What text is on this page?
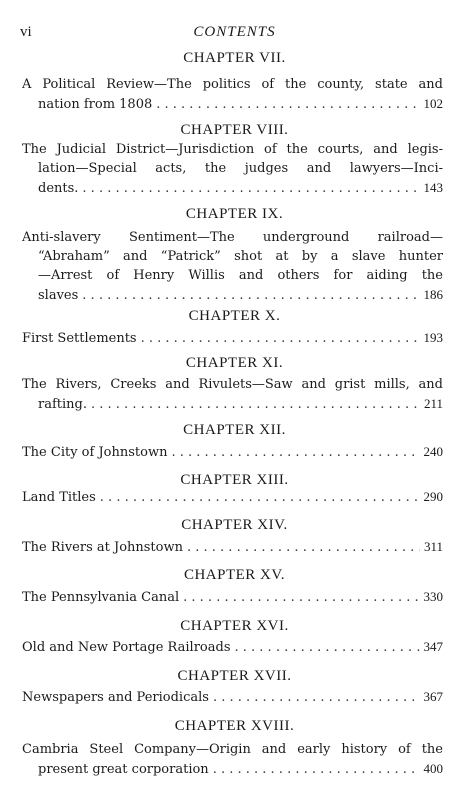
vi	CONTENTS
CHAPTER VII.
A Political Review—The politics of the county, state and
nation from 1808 . . .	102
CHAPTER VIII.
The Judicial District—Jurisdiction of the courts, and legis-
lation—Special acts, the judges and lawyers—Inci-
dents. . . .	143
CHAPTER IX.
Anti-slavery Sentiment—The underground railroad—
“Abraham” and “Patrick” shot at by a slave hunter
—Arrest of Henry Willis and others for aiding the
slaves . . .	186
CHAPTER X.
First Settlements . . .	193
CHAPTER XI.
The Rivers, Creeks and Rivulets—Saw and grist mills, and
rafting. . . .	211
CHAPTER XII.
The City of Johnstown . . .	240
CHAPTER XIII.
Land Titles . . .	290
CHAPTER XIV.
The Rivers at Johnstown . . .	311
CHAPTER XV.
The Pennsylvania Canal . . .	330
CHAPTER XVI.
Old and New Portage Railroads . . .	347
CHAPTER XVII.
Newspapers and Periodicals . . .	367
CHAPTER XVIII.
Cambria Steel Company—Origin and early history of the
present great corporation . . .	400
